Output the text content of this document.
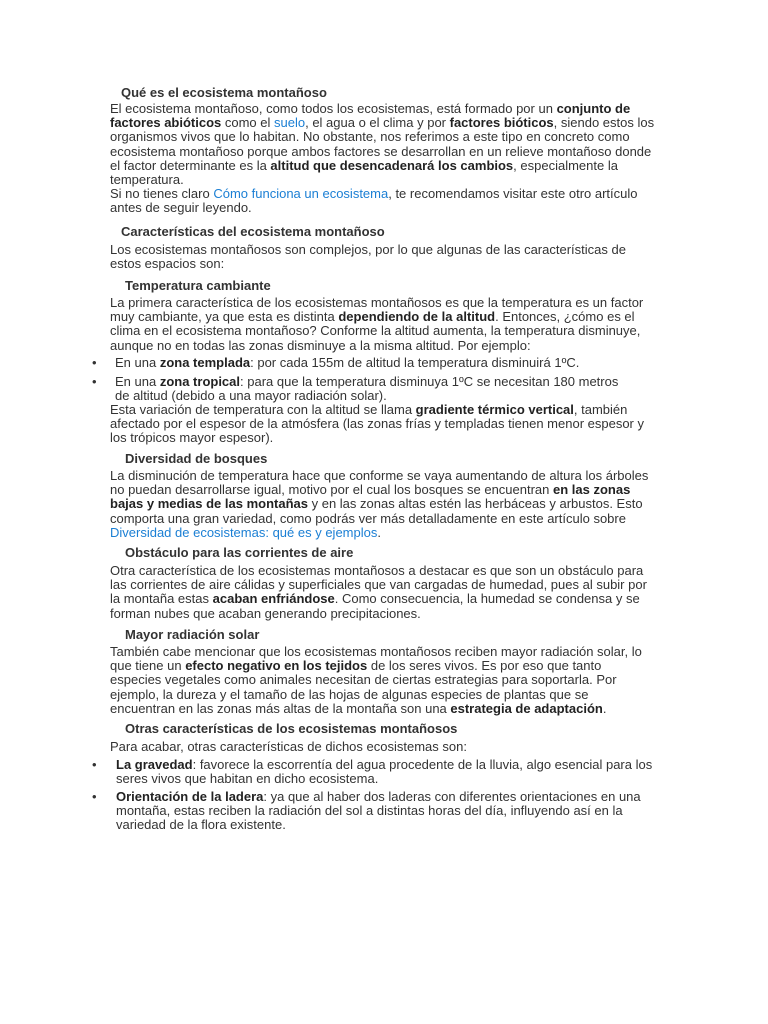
Qué es el ecosistema montañoso
El ecosistema montañoso, como todos los ecosistemas, está formado por un conjunto de factores abióticos como el suelo, el agua o el clima y por factores bióticos, siendo estos los organismos vivos que lo habitan. No obstante, nos referimos a este tipo en concreto como ecosistema montañoso porque ambos factores se desarrollan en un relieve montañoso donde el factor determinante es la altitud que desencadenará los cambios, especialmente la temperatura.
Si no tienes claro Cómo funciona un ecosistema, te recomendamos visitar este otro artículo antes de seguir leyendo.
Características del ecosistema montañoso
Los ecosistemas montañosos son complejos, por lo que algunas de las características de estos espacios son:
Temperatura cambiante
La primera característica de los ecosistemas montañosos es que la temperatura es un factor muy cambiante, ya que esta es distinta dependiendo de la altitud. Entonces, ¿cómo es el clima en el ecosistema montañoso? Conforme la altitud aumenta, la temperatura disminuye, aunque no en todas las zonas disminuye a la misma altitud. Por ejemplo:
•	En una zona templada: por cada 155m de altitud la temperatura disminuirá 1ºC.
•	En una zona tropical: para que la temperatura disminuya 1ºC se necesitan 180 metros de altitud (debido a una mayor radiación solar).
Esta variación de temperatura con la altitud se llama gradiente térmico vertical, también afectado por el espesor de la atmósfera (las zonas frías y templadas tienen menor espesor y los trópicos mayor espesor).
Diversidad de bosques
La disminución de temperatura hace que conforme se vaya aumentando de altura los árboles no puedan desarrollarse igual, motivo por el cual los bosques se encuentran en las zonas bajas y medias de las montañas y en las zonas altas estén las herbáceas y arbustos. Esto comporta una gran variedad, como podrás ver más detalladamente en este artículo sobre Diversidad de ecosistemas: qué es y ejemplos.
Obstáculo para las corrientes de aire
Otra característica de los ecosistemas montañosos a destacar es que son un obstáculo para las corrientes de aire cálidas y superficiales que van cargadas de humedad, pues al subir por la montaña estas acaban enfriándose. Como consecuencia, la humedad se condensa y se forman nubes que acaban generando precipitaciones.
Mayor radiación solar
También cabe mencionar que los ecosistemas montañosos reciben mayor radiación solar, lo que tiene un efecto negativo en los tejidos de los seres vivos. Es por eso que tanto especies vegetales como animales necesitan de ciertas estrategias para soportarla. Por ejemplo, la dureza y el tamaño de las hojas de algunas especies de plantas que se encuentran en las zonas más altas de la montaña son una estrategia de adaptación.
Otras características de los ecosistemas montañosos
Para acabar, otras características de dichos ecosistemas son:
•	La gravedad: favorece la escorrentía del agua procedente de la lluvia, algo esencial para los seres vivos que habitan en dicho ecosistema.
•	Orientación de la ladera: ya que al haber dos laderas con diferentes orientaciones en una montaña, estas reciben la radiación del sol a distintas horas del día, influyendo así en la variedad de la flora existente.
